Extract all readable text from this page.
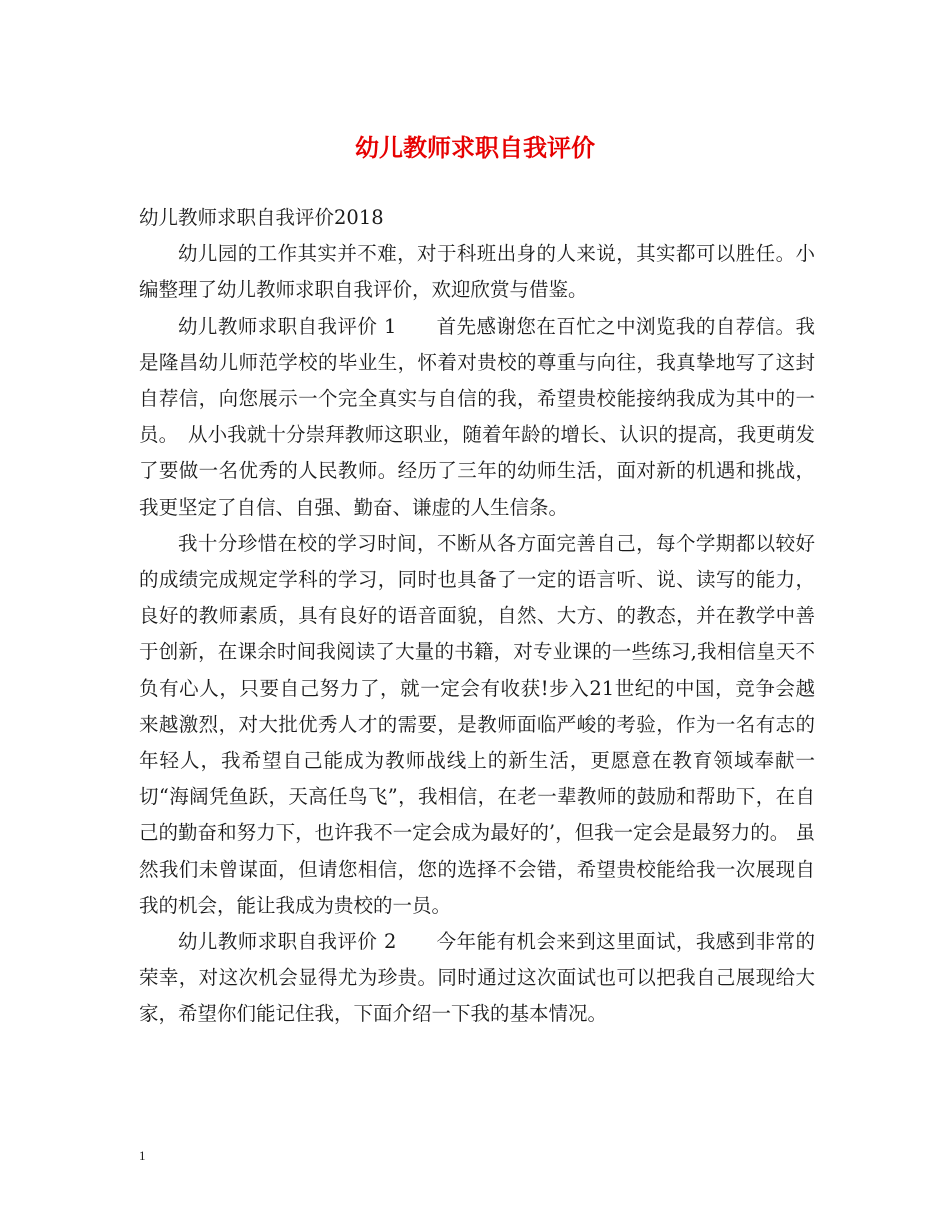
幼儿教师求职自我评价

幼儿教师求职自我评价2018

幼儿园的工作其实并不难，对于科班出身的人来说，其实都可以胜任。小编整理了幼儿教师求职自我评价，欢迎欣赏与借鉴。

幼儿教师求职自我评价 1　　首先感谢您在百忙之中浏览我的自荐信。我是隆昌幼儿师范学校的毕业生，怀着对贵校的尊重与向往，我真挚地写了这封自荐信，向您展示一个完全真实与自信的我，希望贵校能接纳我成为其中的一员。　从小我就十分崇拜教师这职业，随着年龄的增长、认识的提高，我更萌发了要做一名优秀的人民教师。经历了三年的幼师生活，面对新的机遇和挑战，我更坚定了自信、自强、勤奋、谦虚的人生信条。

我十分珍惜在校的学习时间，不断从各方面完善自己，每个学期都以较好的成绩完成规定学科的学习，同时也具备了一定的语言听、说、读写的能力，良好的教师素质，具有良好的语音面貌，自然、大方、的教态，并在教学中善于创新，在课余时间我阅读了大量的书籍，对专业课的一些练习,我相信皇天不负有心人，只要自己努力了，就一定会有收获!步入21世纪的中国，竞争会越来越激烈，对大批优秀人才的需要，是教师面临严峻的考验，作为一名有志的年轻人，我希望自己能成为教师战线上的新生活，更愿意在教育领域奉献一切“海阔凭鱼跃，天高任鸟飞”，我相信，在老一辈教师的鼓励和帮助下，在自己的勤奋和努力下，也许我不一定会成为最好的’，但我一定会是最努力的。 虽然我们未曾谋面，但请您相信，您的选择不会错，希望贵校能给我一次展现自我的机会，能让我成为贵校的一员。

幼儿教师求职自我评价 2　　今年能有机会来到这里面试，我感到非常的荣幸，对这次机会显得尤为珍贵。同时通过这次面试也可以把我自己展现给大家，希望你们能记住我，下面介绍一下我的基本情况。

1
